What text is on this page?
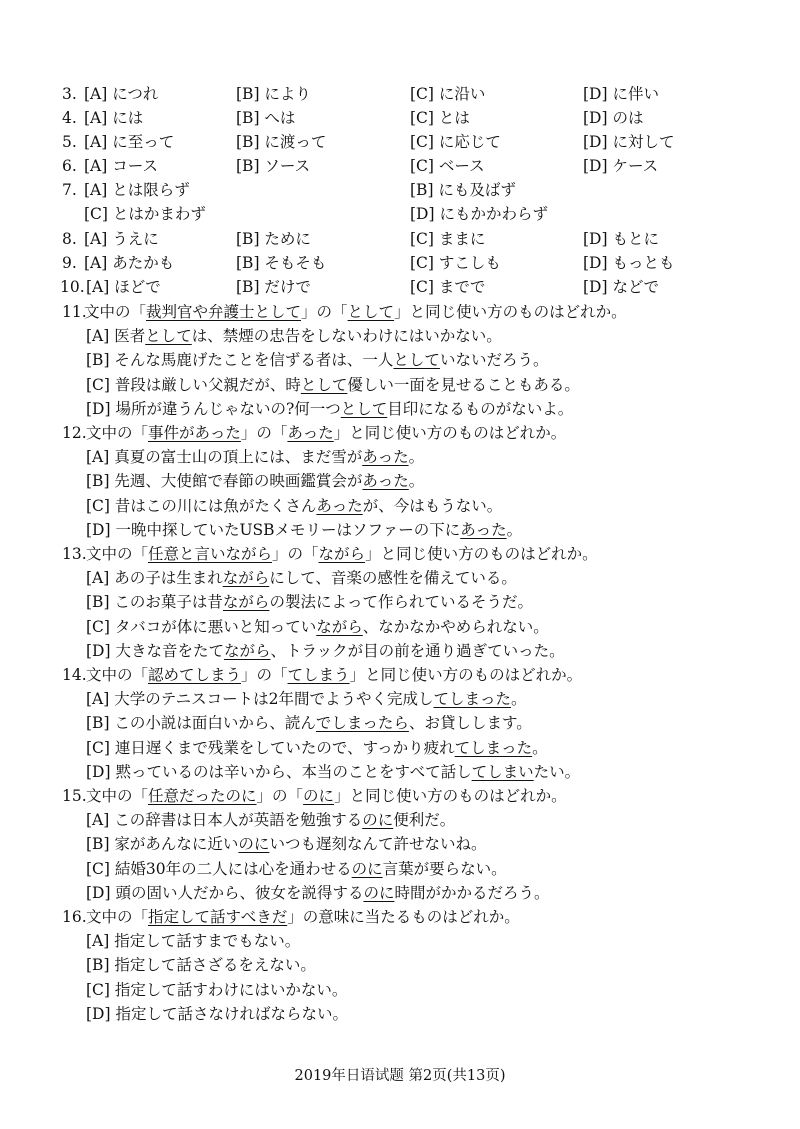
3. [A] につれ	[B] により	[C] に沿い	[D] に伴い
4. [A] には	[B] へは	[C] とは	[D] のは
5. [A] に至って	[B] に渡って	[C] に応じて	[D] に対して
6. [A] コース	[B] ソース	[C] ベース	[D] ケース
7. [A] とは限らず	[B] にも及ばず
[C] とはかまわず	[D] にもかかわらず
8. [A] うえに	[B] ために	[C] ままに	[D] もとに
9. [A] あたかも	[B] そもそも	[C] すこしも	[D] もっとも
10. [A] ほどで	[B] だけで	[C] までで	[D] などで
11.
文中の「裁判官や弁護士として」の「として」と同じ使い方のものはどれか。
[A] 医者としては、禁煙の忠告をしないわけにはいかない。
[B] そんな馬鹿げたことを信ずる者は、一人としていないだろう。
[C] 普段は厳しい父親だが、時として優しい一面を見せることもある。
[D] 場所が違うんじゃないの?何一つとして目印になるものがないよ。
12. 文中の「事件があった」の「あった」と同じ使い方のものはどれか。
[A] 真夏の富士山の頂上には、まだ雪があった。
[B] 先週、大使館で春節の映画鑑賞会があった。
[C] 昔はこの川には魚がたくさんあったが、今はもうない。
[D] 一晩中探していたUSBメモリーはソファーの下にあった。
13. 文中の「任意と言いながら」の「ながら」と同じ使い方のものはどれか。
[A] あの子は生まれながらにして、音楽の感性を備えている。
[B] このお菓子は昔ながらの製法によって作られているそうだ。
[C] タバコが体に悪いと知っていながら、なかなかやめられない。
[D] 大きな音をたてながら、トラックが目の前を通り過ぎていった。
14. 文中の「認めてしまう」の「てしまう」と同じ使い方のものはどれか。
[A] 大学のテニスコートは2年間でようやく完成してしまった。
[B] この小説は面白いから、読んでしまったら、お貸しします。
[C] 連日遅くまで残業をしていたので、すっかり疲れてしまった。
[D] 黙っているのは辛いから、本当のことをすべて話してしまいたい。
15. 文中の「任意だったのに」の「のに」と同じ使い方のものはどれか。
[A] この辞書は日本人が英語を勉強するのに便利だ。
[B] 家があんなに近いのにいつも遅刻なんて許せないね。
[C] 結婚30年の二人には心を通わせるのに言葉が要らない。
[D] 頭の固い人だから、彼女を説得するのに時間がかかるだろう。
16. 文中の「指定して話すべきだ」の意味に当たるものはどれか。
[A] 指定して話すまでもない。
[B] 指定して話さざるをえない。
[C] 指定して話すわけにはいかない。
[D] 指定して話さなければならない。
2019年日语试题 第2页(共13页)
